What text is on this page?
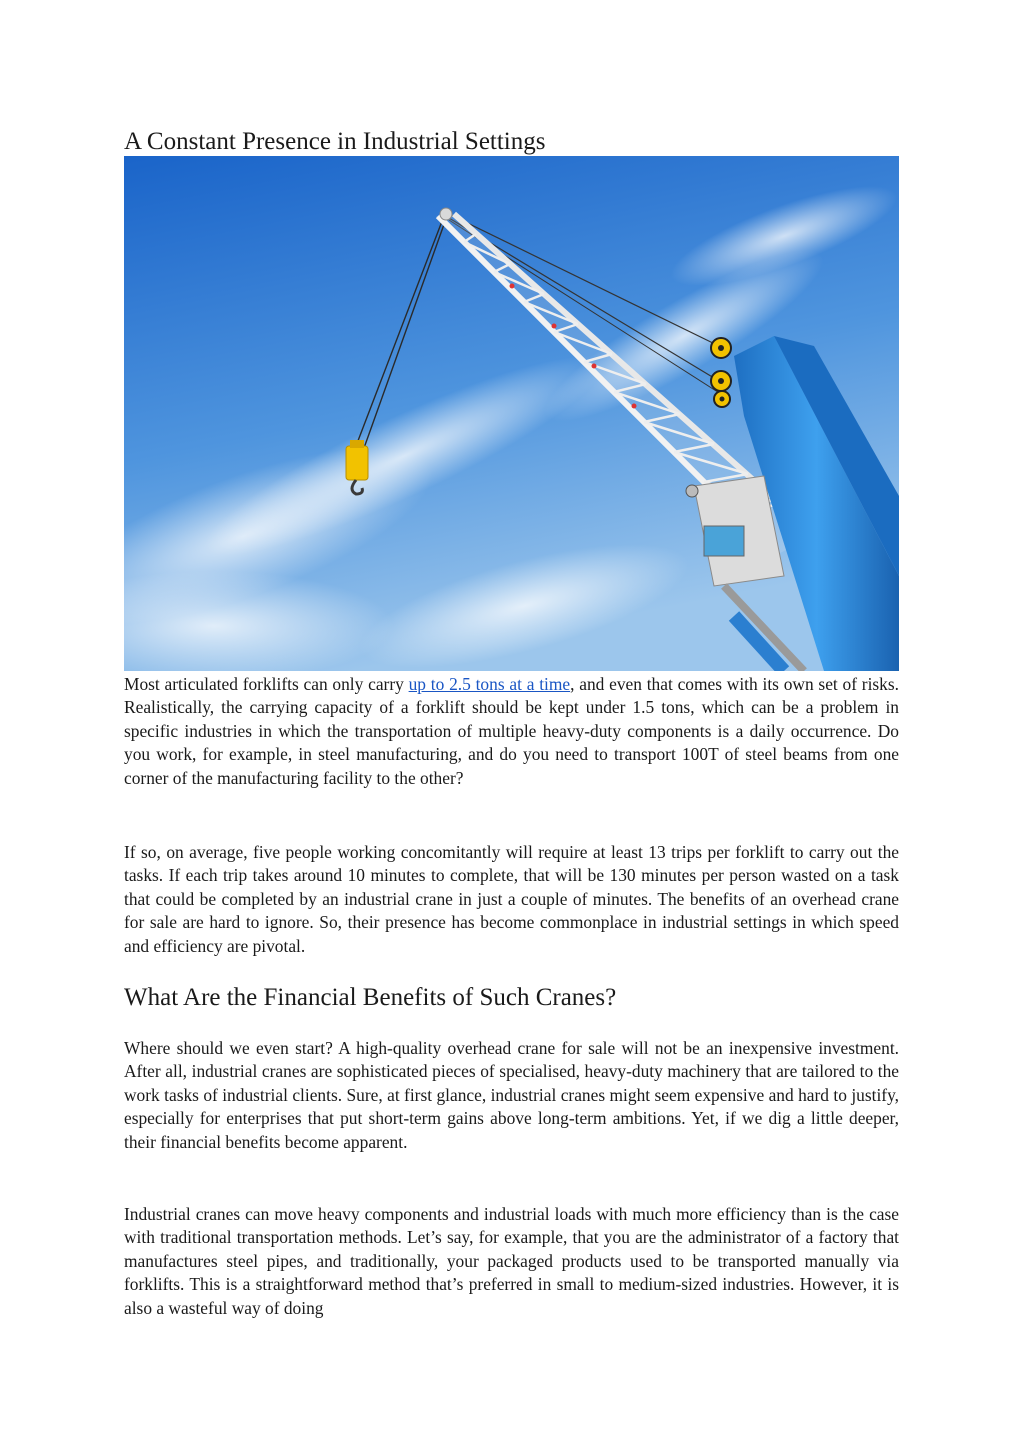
A Constant Presence in Industrial Settings

Most articulated forklifts can only carry up to 2.5 tons at a time, and even that comes with its own set of risks. Realistically, the carrying capacity of a forklift should be kept under 1.5 tons, which can be a problem in specific industries in which the transportation of multiple heavy-duty components is a daily occurrence. Do you work, for example, in steel manufacturing, and do you need to transport 100T of steel beams from one corner of the manufacturing facility to the other?

If so, on average, five people working concomitantly will require at least 13 trips per forklift to carry out the tasks. If each trip takes around 10 minutes to complete, that will be 130 minutes per person wasted on a task that could be completed by an industrial crane in just a couple of minutes. The benefits of an overhead crane for sale are hard to ignore. So, their presence has become commonplace in industrial settings in which speed and efficiency are pivotal.

What Are the Financial Benefits of Such Cranes?

Where should we even start? A high-quality overhead crane for sale will not be an inexpensive investment. After all, industrial cranes are sophisticated pieces of specialised, heavy-duty machinery that are tailored to the work tasks of industrial clients. Sure, at first glance, industrial cranes might seem expensive and hard to justify, especially for enterprises that put short-term gains above long-term ambitions. Yet, if we dig a little deeper, their financial benefits become apparent.

Industrial cranes can move heavy components and industrial loads with much more efficiency than is the case with traditional transportation methods. Let’s say, for example, that you are the administrator of a factory that manufactures steel pipes, and traditionally, your packaged products used to be transported manually via forklifts. This is a straightforward method that’s preferred in small to medium-sized industries. However, it is also a wasteful way of doing
